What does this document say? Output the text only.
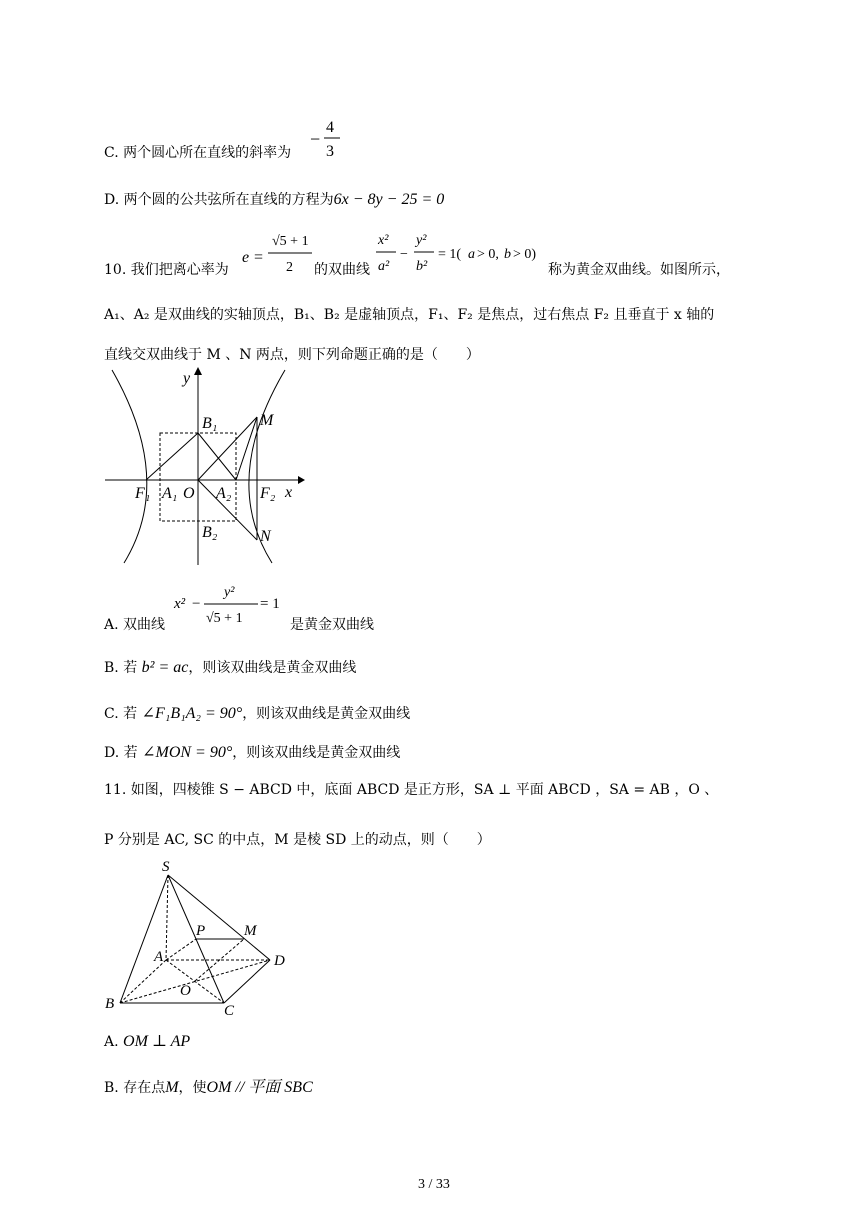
C. 两个圆心所在直线的斜率为
−
4
3
D. 两个圆的公共弦所在直线的方程为6x − 8y − 25 = 0
10. 我们把离心率为
e =
√5 + 1
2 的双曲线
x²
a²
−
y²
b²
= 1( a > 0, b > 0)
称为黄金双曲线。如图所示，
A₁、A₂ 是双曲线的实轴顶点，B₁、B₂ 是虚轴顶点，F₁、F₂ 是焦点，过右焦点 F₂ 且垂直于 x 轴的
直线交双曲线于 M 、N 两点，则下列命题正确的是（　　）
y
x
B₁
B₂
M
N
F₁ A₁ O A₂ F₂
A. 双曲线
x² −
y²
√5 + 1
= 1
是黄金双曲线
B. 若 b² = ac，则该双曲线是黄金双曲线
C. 若 ∠F₁B₁A₂ = 90°，则该双曲线是黄金双曲线
D. 若 ∠MON = 90°，则该双曲线是黄金双曲线
11. 如图，四棱锥 S − ABCD 中，底面 ABCD 是正方形，SA ⊥ 平面 ABCD ，SA = AB ，O 、
P 分别是 AC, SC 的中点，M 是棱 SD 上的动点，则（　　）
S
P	M
A	D
O
B	C
A. OM ⊥ AP
B. 存在点M，使OM // 平面 SBC
3 / 33
